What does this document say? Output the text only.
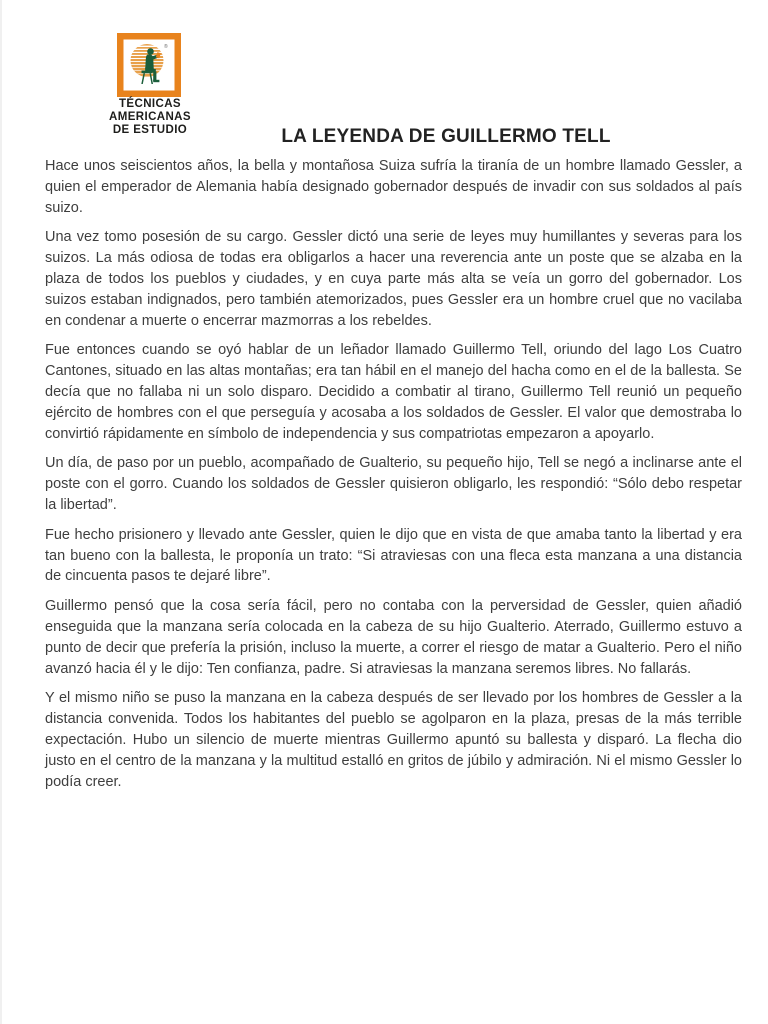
®
TÉCNICAS
AMERICANAS
DE ESTUDIO	LA LEYENDA DE GUILLERMO TELL

Hace unos seiscientos años, la bella y montañosa Suiza sufría la tiranía de un hombre llamado Gessler, a quien el emperador de Alemania había designado gobernador después de invadir con sus soldados al país suizo.

Una vez tomo posesión de su cargo. Gessler dictó una serie de leyes muy humillantes y severas para los suizos. La más odiosa de todas era obligarlos a hacer una reverencia ante un poste que se alzaba en la plaza de todos los pueblos y ciudades, y en cuya parte más alta se veía un gorro del gobernador. Los suizos estaban indignados, pero también atemorizados, pues Gessler era un hombre cruel que no vacilaba en condenar a muerte o encerrar mazmorras a los rebeldes.

Fue entonces cuando se oyó hablar de un leñador llamado Guillermo Tell, oriundo del lago Los Cuatro Cantones, situado en las altas montañas; era tan hábil en el manejo del hacha como en el de la ballesta. Se decía que no fallaba ni un solo disparo. Decidido a combatir al tirano, Guillermo Tell reunió un pequeño ejército de hombres con el que perseguía y acosaba a los soldados de Gessler. El valor que demostraba lo convirtió rápidamente en símbolo de independencia y sus compatriotas empezaron a apoyarlo.

Un día, de paso por un pueblo, acompañado de Gualterio, su pequeño hijo, Tell se negó a inclinarse ante el poste con el gorro. Cuando los soldados de Gessler quisieron obligarlo, les respondió: “Sólo debo respetar la libertad”.

Fue hecho prisionero y llevado ante Gessler, quien le dijo que en vista de que amaba tanto la libertad y era tan bueno con la ballesta, le proponía un trato: “Si atraviesas con una fleca esta manzana a una distancia de cincuenta pasos te dejaré libre”.

Guillermo pensó que la cosa sería fácil, pero no contaba con la perversidad de Gessler, quien añadió enseguida que la manzana sería colocada en la cabeza de su hijo Gualterio. Aterrado, Guillermo estuvo a punto de decir que prefería la prisión, incluso la muerte, a correr el riesgo de matar a Gualterio. Pero el niño avanzó hacia él y le dijo: Ten confianza, padre. Si atraviesas la manzana seremos libres. No fallarás.

Y el mismo niño se puso la manzana en la cabeza después de ser llevado por los hombres de Gessler a la distancia convenida. Todos los habitantes del pueblo se agolparon en la plaza, presas de la más terrible expectación. Hubo un silencio de muerte mientras Guillermo apuntó su ballesta y disparó. La flecha dio justo en el centro de la manzana y la multitud estalló en gritos de júbilo y admiración. Ni el mismo Gessler lo podía creer.
